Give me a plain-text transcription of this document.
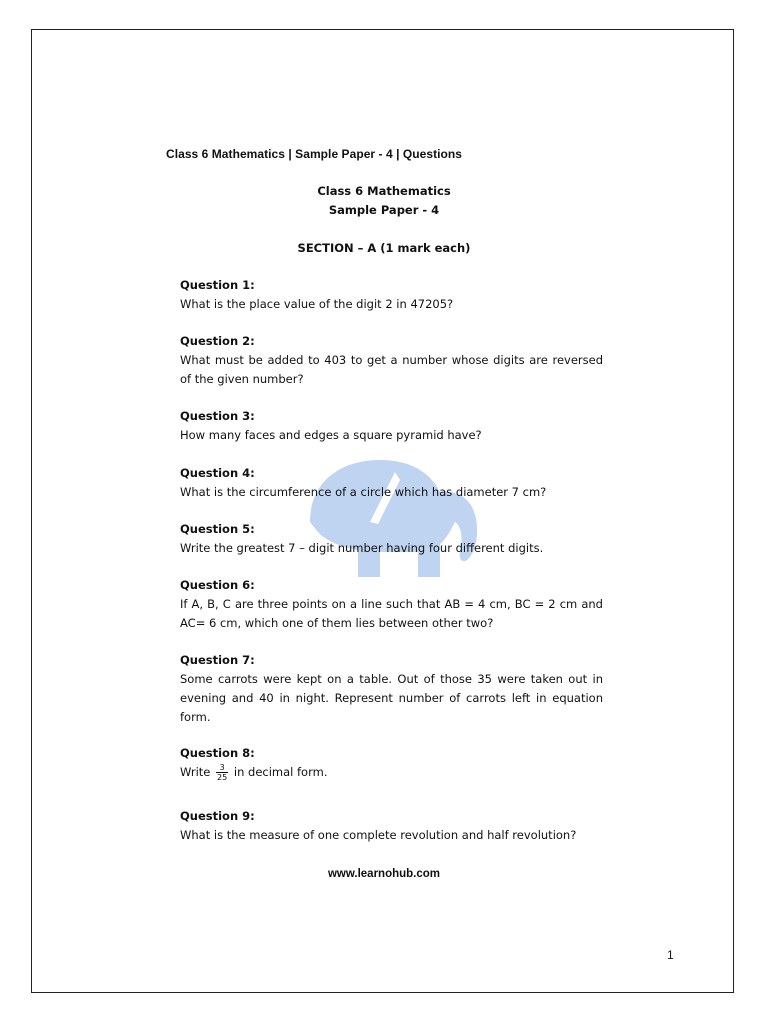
Class 6 Mathematics | Sample Paper - 4 | Questions
Class 6 Mathematics
Sample Paper - 4
SECTION – A (1 mark each)
Question 1:
What is the place value of the digit 2 in 47205?
Question 2:
What must be added to 403 to get a number whose digits are reversed of the given number?
Question 3:
How many faces and edges a square pyramid have?
Question 4:
What is the circumference of a circle which has diameter 7 cm?
Question 5:
Write the greatest 7 – digit number having four different digits.
Question 6:
If A, B, C are three points on a line such that AB = 4 cm, BC = 2 cm and AC= 6 cm, which one of them lies between other two?
Question 7:
Some carrots were kept on a table. Out of those 35 were taken out in evening and 40 in night. Represent number of carrots left in equation form.
Question 8:
Write $\frac{3}{25}$ in decimal form.
Question 9:
What is the measure of one complete revolution and half revolution?
www.learnohub.com
1
